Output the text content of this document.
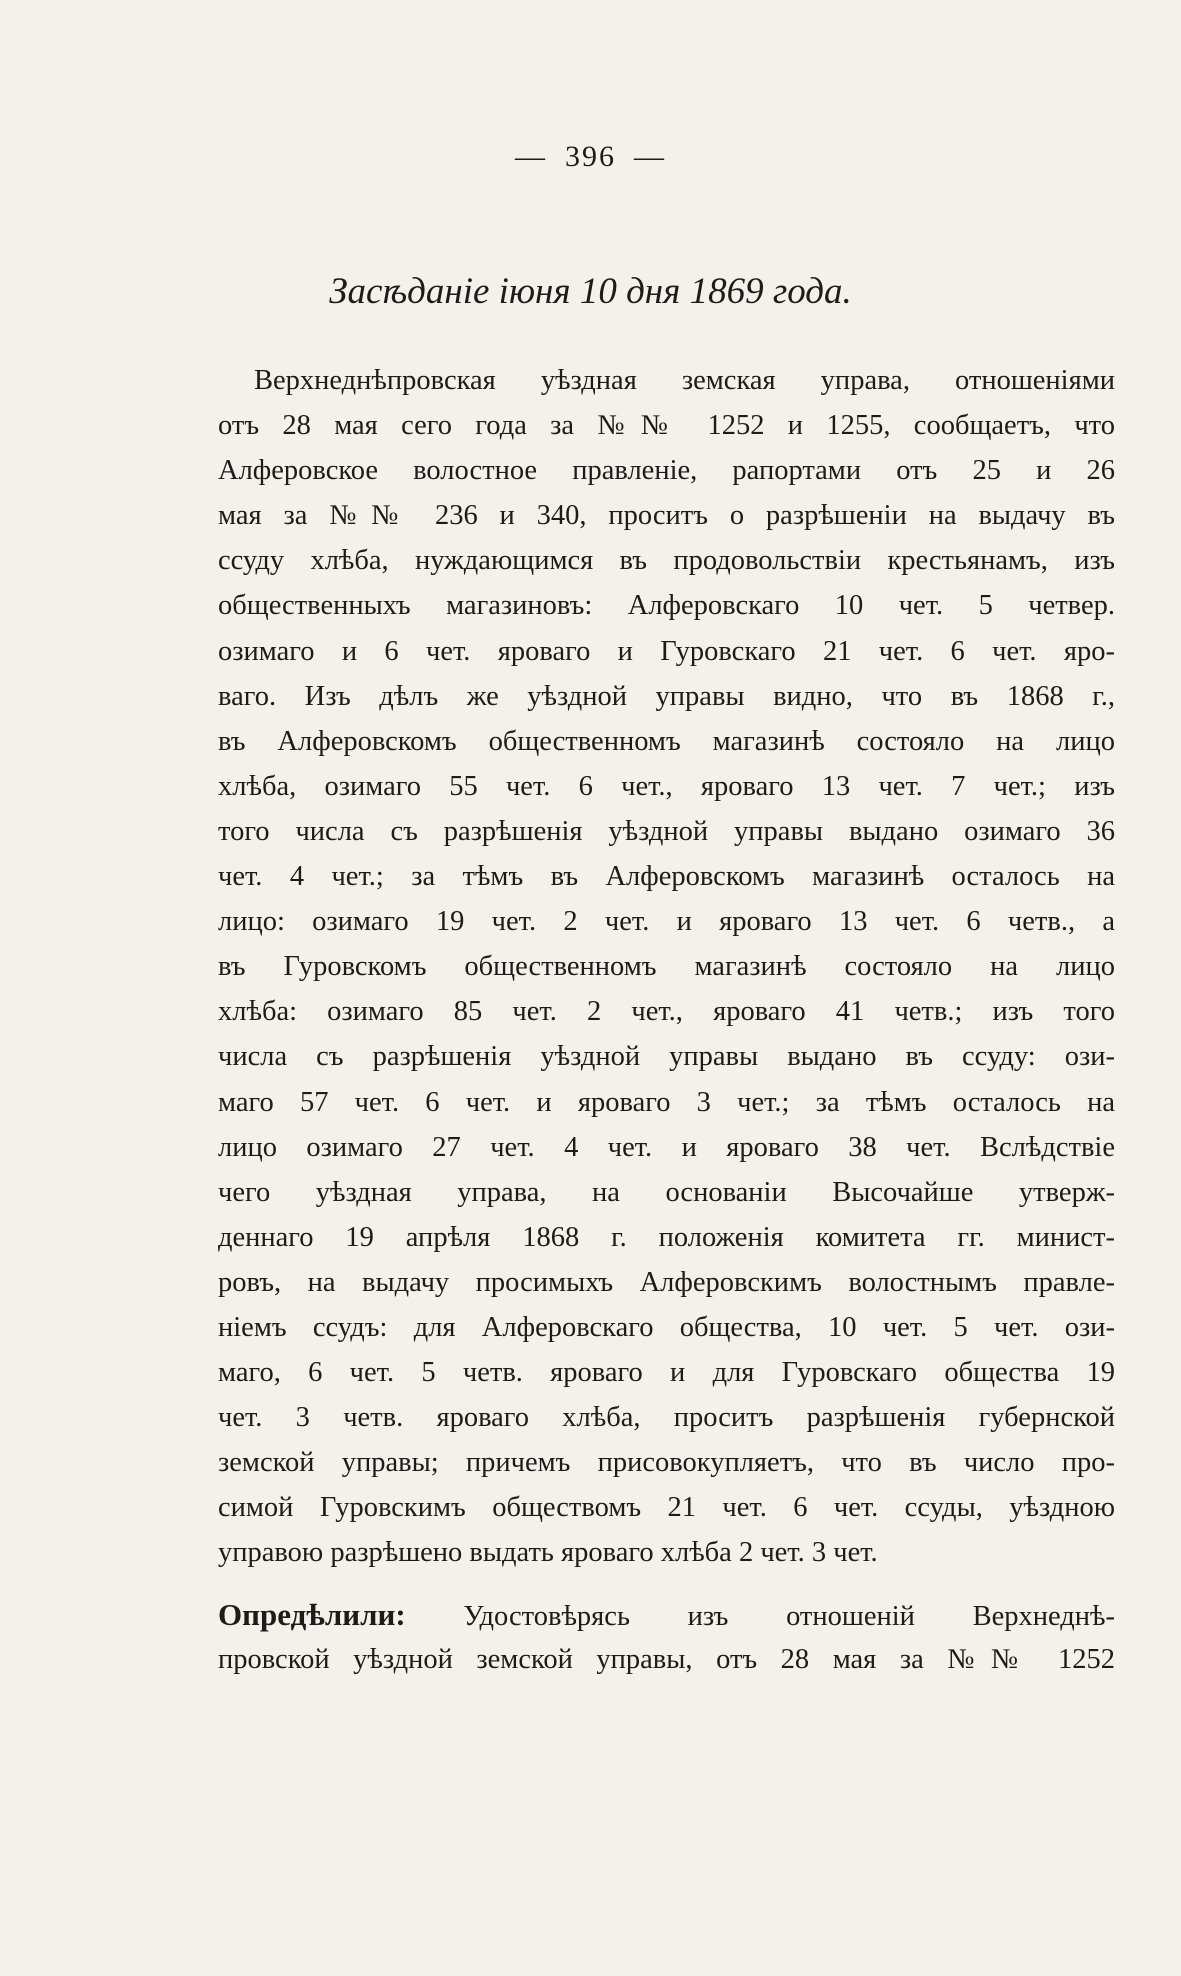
— 396 —
Засѣданіе іюня 10 дня 1869 года.
Верхнеднѣпровская уѣздная земская управа, отношеніями
отъ 28 мая сего года за №№ 1252 и 1255, сообщаетъ, что
Алферовское волостное правленіе, рапортами отъ 25 и 26
мая за №№ 236 и 340, проситъ о разрѣшеніи на выдачу въ
ссуду хлѣба, нуждающимся въ продовольствіи крестьянамъ, изъ
общественныхъ магазиновъ: Алферовскаго 10 чет. 5 четвер.
озимаго и 6 чет. яроваго и Гуровскаго 21 чет. 6 чет. яро-
ваго. Изъ дѣлъ же уѣздной управы видно, что въ 1868 г.,
въ Алферовскомъ общественномъ магазинѣ состояло на лицо
хлѣба, озимаго 55 чет. 6 чет., яроваго 13 чет. 7 чет.; изъ
того числа съ разрѣшенія уѣздной управы выдано озимаго 36
чет. 4 чет.; за тѣмъ въ Алферовскомъ магазинѣ осталось на
лицо: озимаго 19 чет. 2 чет. и яроваго 13 чет. 6 четв., а
въ Гуровскомъ общественномъ магазинѣ состояло на лицо
хлѣба: озимаго 85 чет. 2 чет., яроваго 41 четв.; изъ того
числа съ разрѣшенія уѣздной управы выдано въ ссуду: ози-
маго 57 чет. 6 чет. и яроваго 3 чет.; за тѣмъ осталось на
лицо озимаго 27 чет. 4 чет. и яроваго 38 чет. Вслѣдствіе
чего уѣздная управа, на основаніи Высочайше утверж-
деннаго 19 апрѣля 1868 г. положенія комитета гг. минист-
ровъ, на выдачу просимыхъ Алферовскимъ волостнымъ правле-
ніемъ ссудъ: для Алферовскаго общества, 10 чет. 5 чет. ози-
маго, 6 чет. 5 четв. яроваго и для Гуровскаго общества 19
чет. 3 четв. яроваго хлѣба, проситъ разрѣшенія губернской
земской управы; причемъ присовокупляетъ, что въ число про-
симой Гуровскимъ обществомъ 21 чет. 6 чет. ссуды, уѣздною
управою разрѣшено выдать яроваго хлѣба 2 чет. 3 чет.
Опредѣлили: Удостовѣрясь изъ отношеній Верхнеднѣ-
провской уѣздной земской управы, отъ 28 мая за №№ 1252
